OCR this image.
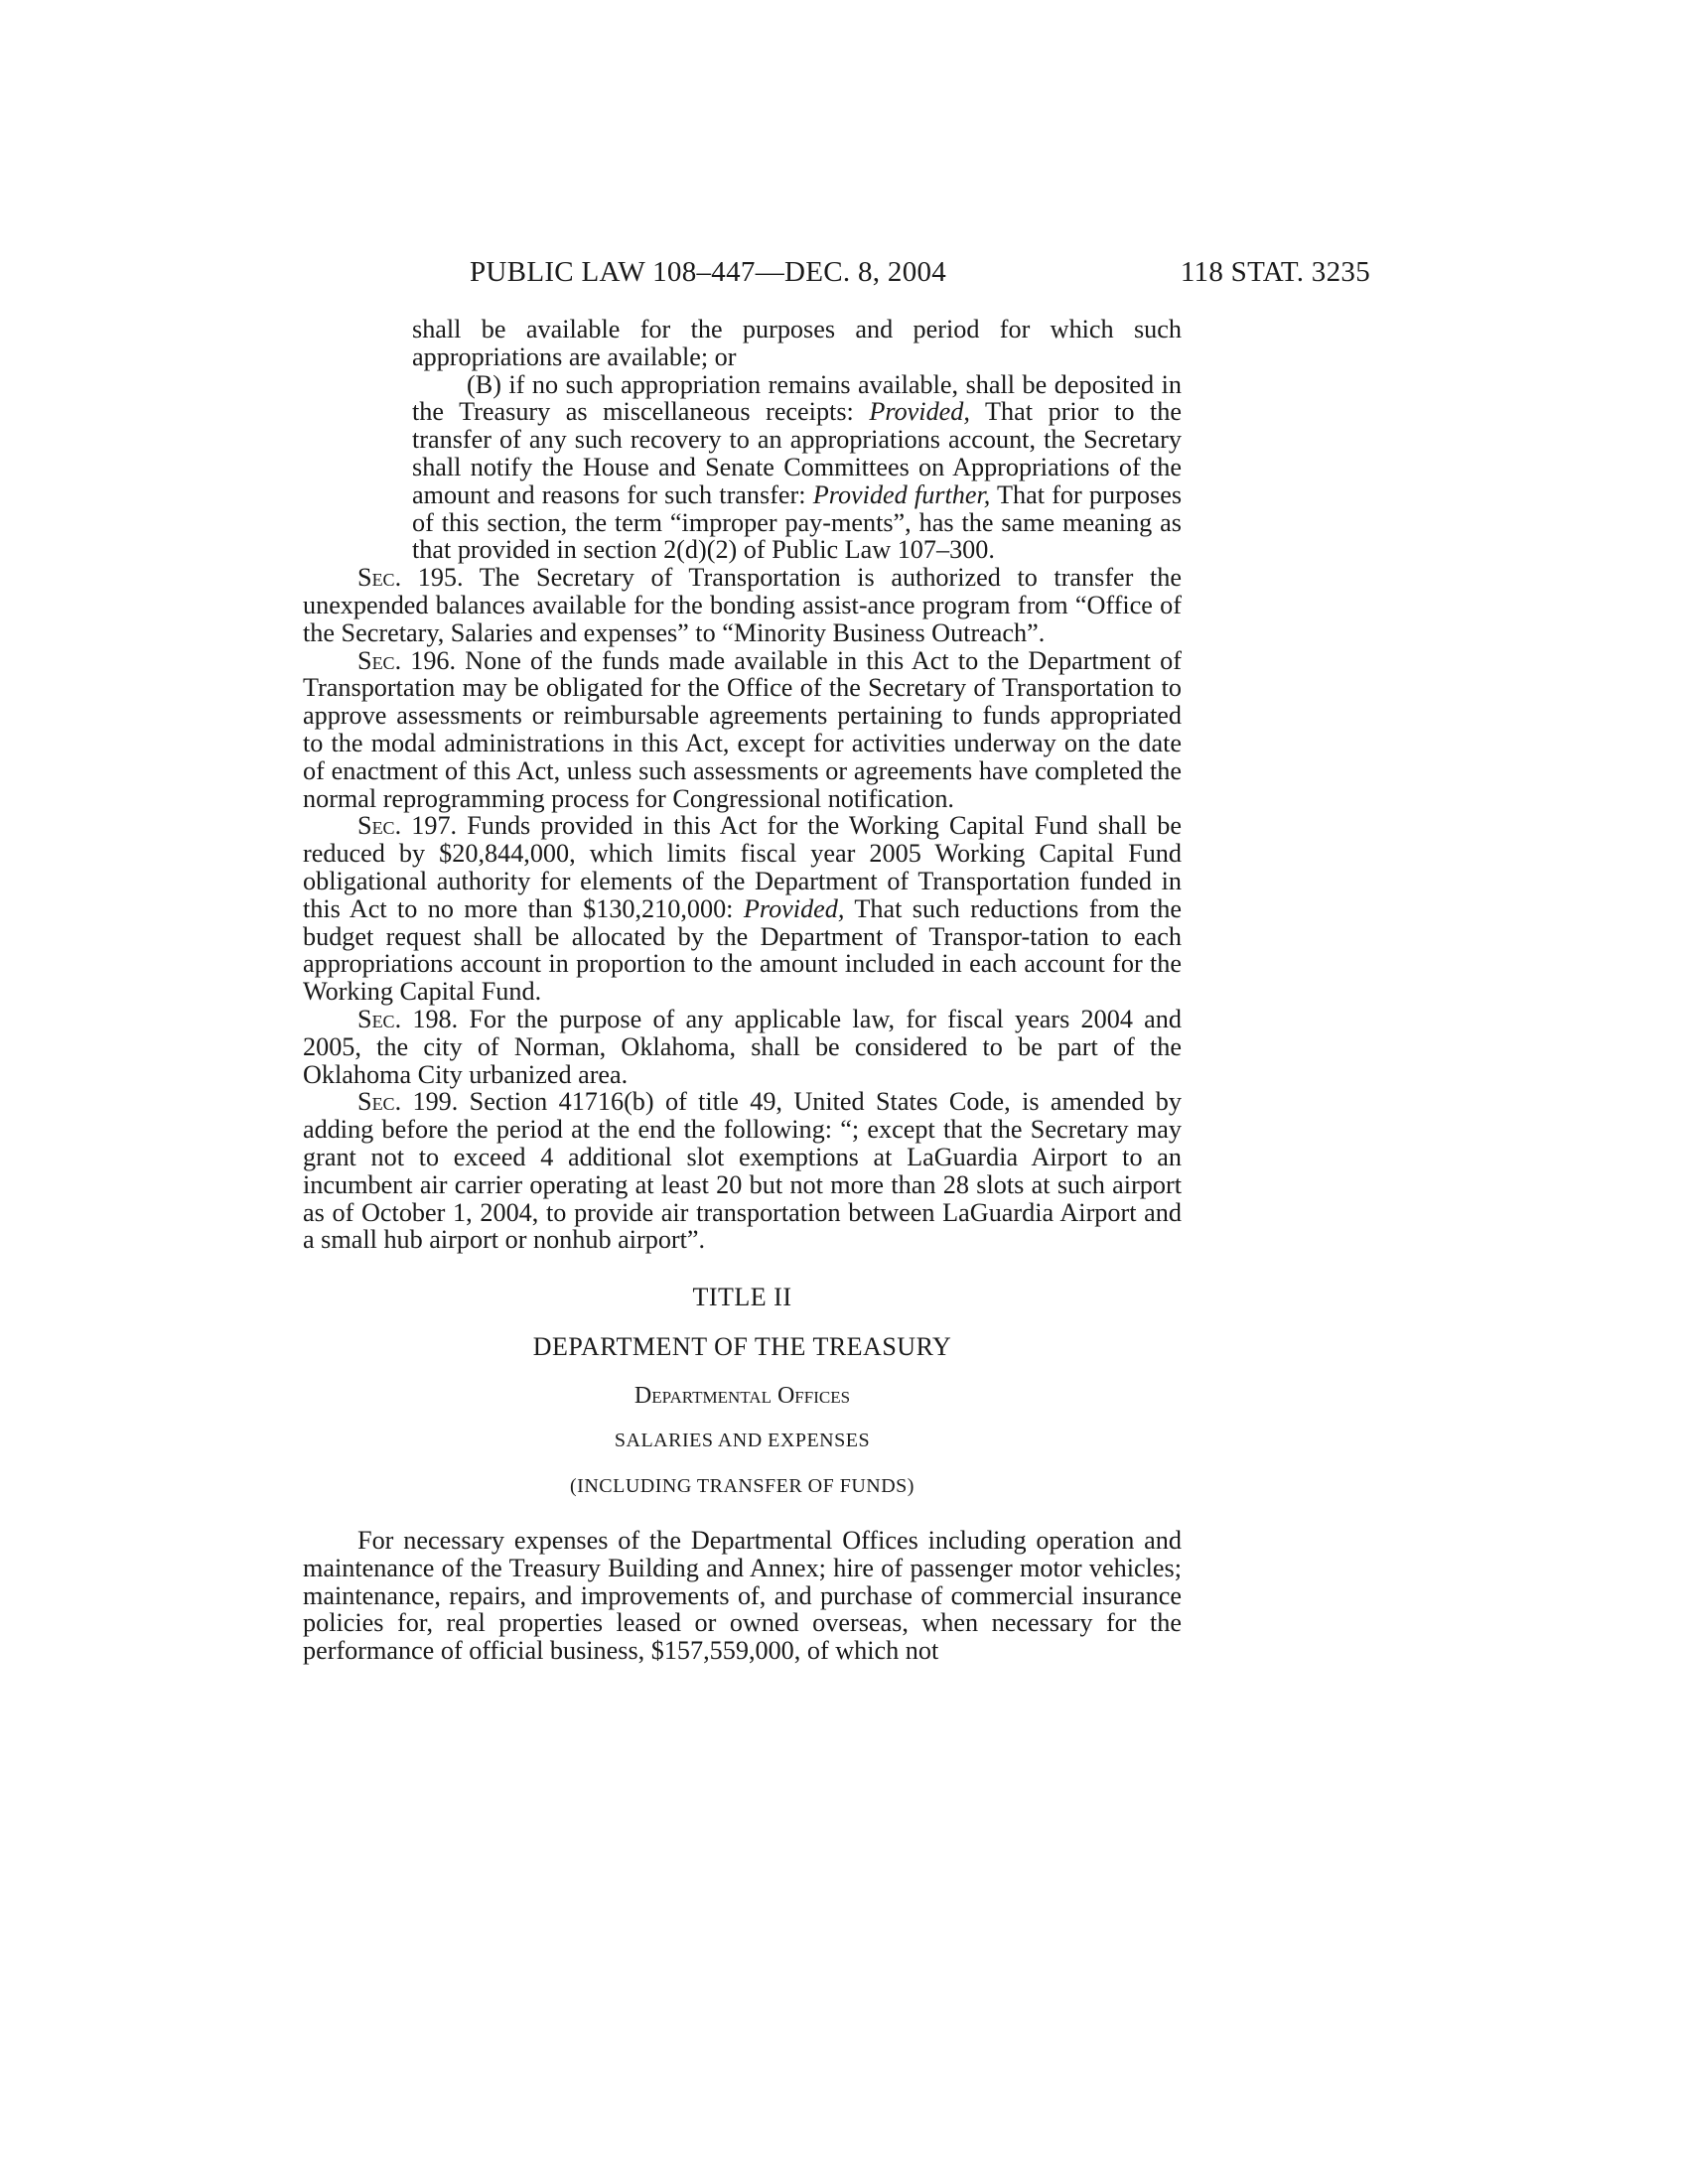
PUBLIC LAW 108–447—DEC. 8, 2004	118 STAT. 3235

shall be available for the purposes and period for which such appropriations are available; or

(B) if no such appropriation remains available, shall be deposited in the Treasury as miscellaneous receipts: Provided, That prior to the transfer of any such recovery to an appropriations account, the Secretary shall notify the House and Senate Committees on Appropriations of the amount and reasons for such transfer: Provided further, That for purposes of this section, the term “improper pay-ments”, has the same meaning as that provided in section 2(d)(2) of Public Law 107–300.

Sec. 195. The Secretary of Transportation is authorized to transfer the unexpended balances available for the bonding assist-ance program from “Office of the Secretary, Salaries and expenses” to “Minority Business Outreach”.

Sec. 196. None of the funds made available in this Act to the Department of Transportation may be obligated for the Office of the Secretary of Transportation to approve assessments or reimbursable agreements pertaining to funds appropriated to the modal administrations in this Act, except for activities underway on the date of enactment of this Act, unless such assessments or agreements have completed the normal reprogramming process for Congressional notification.

Sec. 197. Funds provided in this Act for the Working Capital Fund shall be reduced by $20,844,000, which limits fiscal year 2005 Working Capital Fund obligational authority for elements of the Department of Transportation funded in this Act to no more than $130,210,000: Provided, That such reductions from the budget request shall be allocated by the Department of Transpor-tation to each appropriations account in proportion to the amount included in each account for the Working Capital Fund.

Sec. 198. For the purpose of any applicable law, for fiscal years 2004 and 2005, the city of Norman, Oklahoma, shall be considered to be part of the Oklahoma City urbanized area.

Sec. 199. Section 41716(b) of title 49, United States Code, is amended by adding before the period at the end the following: “; except that the Secretary may grant not to exceed 4 additional slot exemptions at LaGuardia Airport to an incumbent air carrier operating at least 20 but not more than 28 slots at such airport as of October 1, 2004, to provide air transportation between LaGuardia Airport and a small hub airport or nonhub airport”.

TITLE II
DEPARTMENT OF THE TREASURY
Departmental Offices
SALARIES AND EXPENSES
(INCLUDING TRANSFER OF FUNDS)

For necessary expenses of the Departmental Offices including operation and maintenance of the Treasury Building and Annex; hire of passenger motor vehicles; maintenance, repairs, and improvements of, and purchase of commercial insurance policies for, real properties leased or owned overseas, when necessary for the performance of official business, $157,559,000, of which not
